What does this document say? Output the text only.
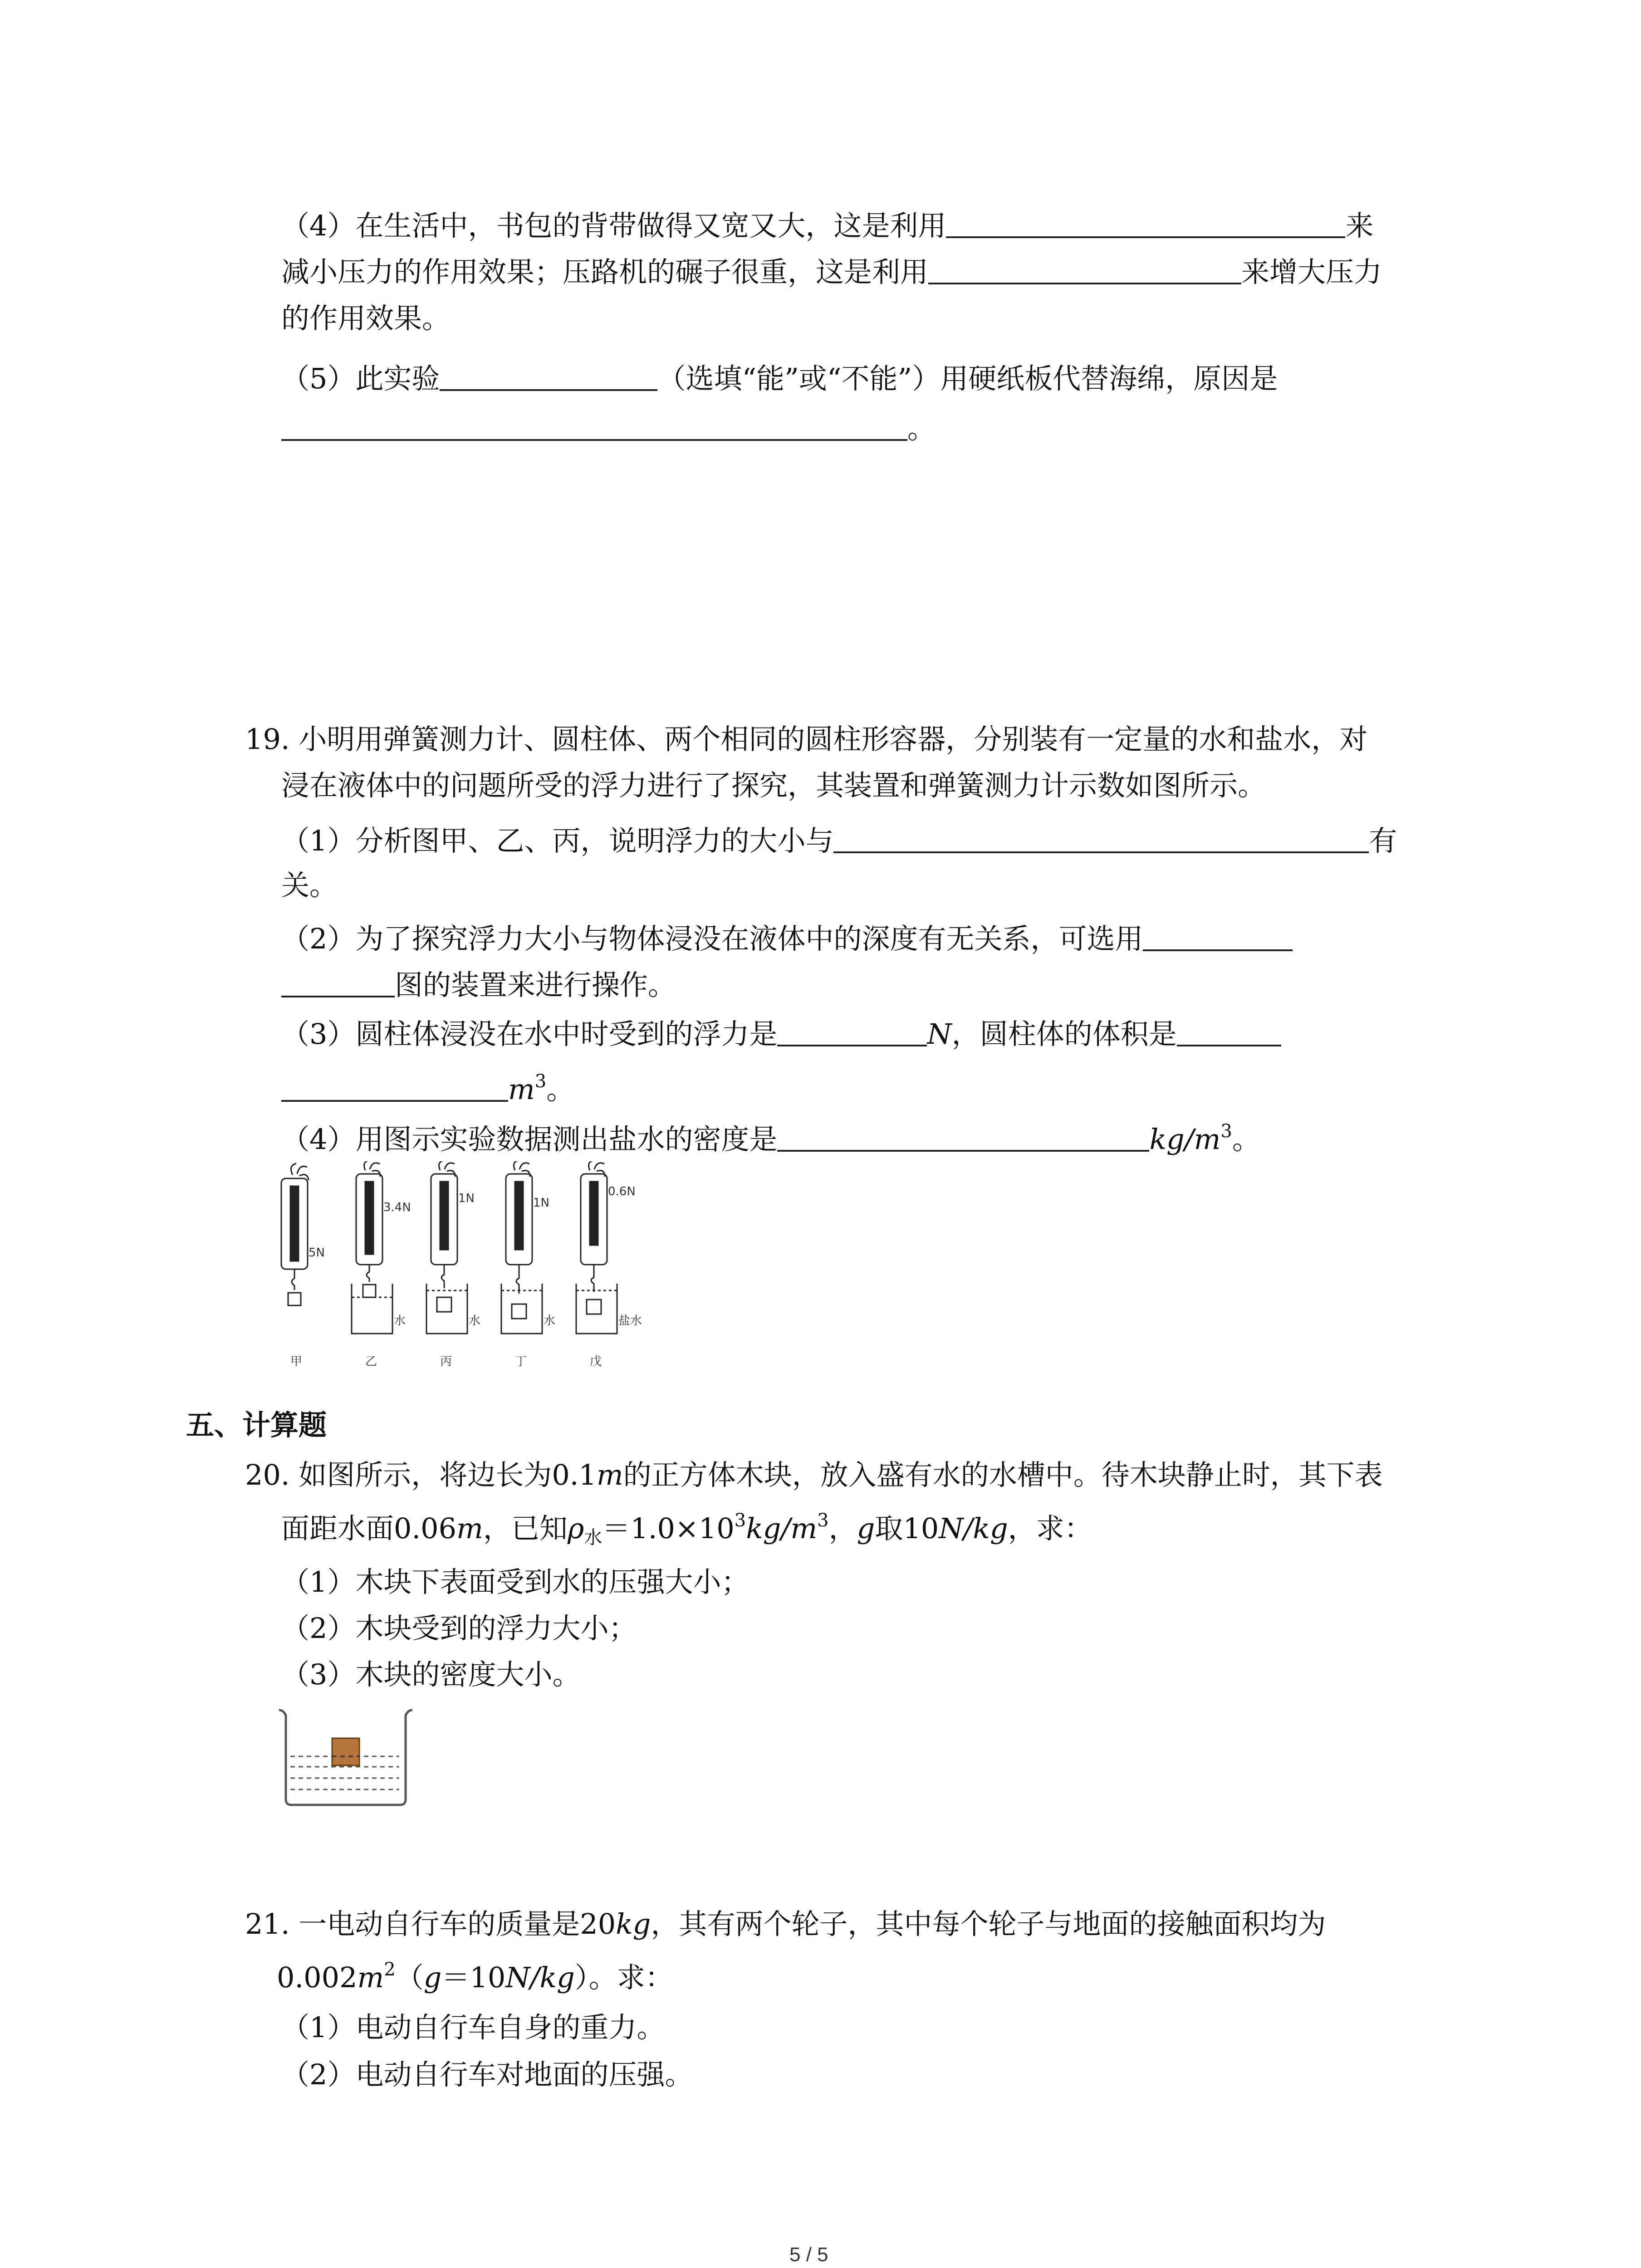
（4）在生活中，书包的背带做得又宽又大，这是利用	来
减小压力的作用效果；压路机的碾子很重，这是利用	来增大压力
的作用效果。
（5）此实验	（选填“能”或“不能”）用硬纸板代替海绵，原因是
。
19. 小明用弹簧测力计、圆柱体、两个相同的圆柱形容器，分别装有一定量的水和盐水，对
浸在液体中的问题所受的浮力进行了探究，其装置和弹簧测力计示数如图所示。
（1）分析图甲、乙、丙，说明浮力的大小与	有
关。
（2）为了探究浮力大小与物体浸没在液体中的深度有无关系，可选用
图的装置来进行操作。
（3）圆柱体浸没在水中时受到的浮力是	N，圆柱体的体积是
$m^3$。
（4）用图示实验数据测出盐水的密度是	$kg/m^3$。
5N
3.4N
1N	1N
0.6N
水	水	水	盐水
甲	乙	丙	丁	戊
五、计算题
20. 如图所示，将边长为0.1m的正方体木块，放入盛有水的水槽中。待木块静止时，其下表
面距水面0.06m，已知$\rho_水=1.0\times 10^3kg/m^3$，g取10N/kg，求：
（1）木块下表面受到水的压强大小；
（2）木块受到的浮力大小；
（3）木块的密度大小。
21. 一电动自行车的质量是20kg，其有两个轮子，其中每个轮子与地面的接触面积均为
$0.002m^2(g=10N/kg)$。求：
（1）电动自行车自身的重力。
（2）电动自行车对地面的压强。
5 / 5
